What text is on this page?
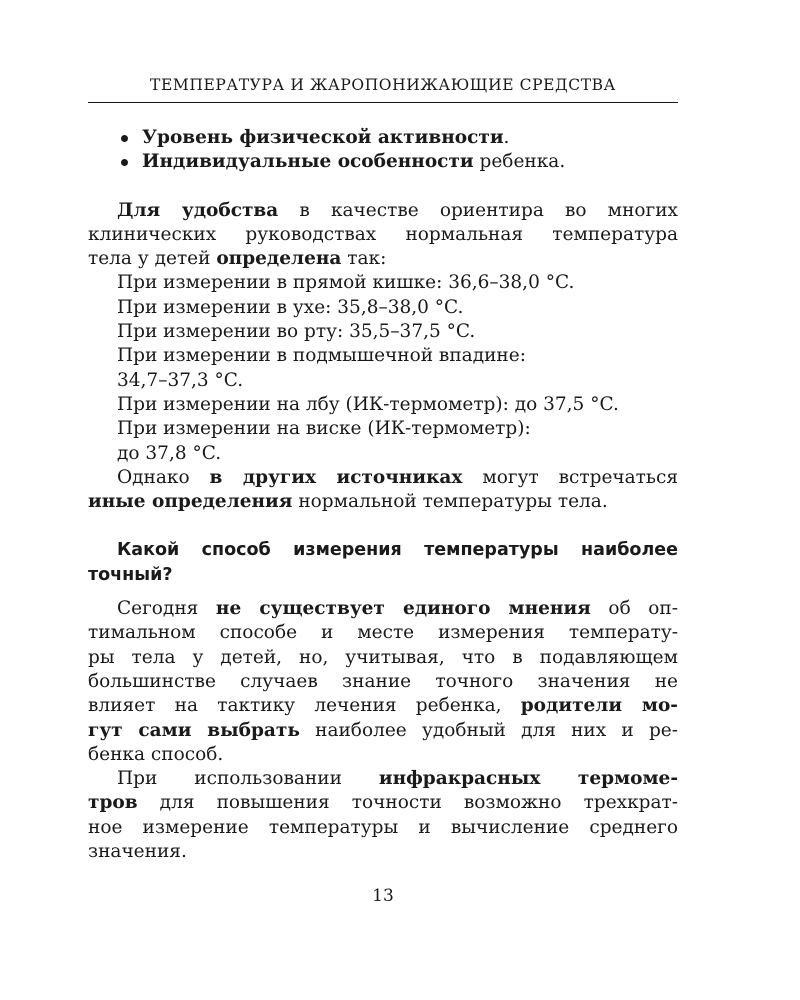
ТЕМПЕРАТУРА И ЖАРОПОНИЖАЮЩИЕ СРЕДСТВА
Уровень физической активности.
Индивидуальные особенности ребенка.
Для удобства в качестве ориентира во многих
клинических руководствах нормальная температура
тела у детей определена так:
При измерении в прямой кишке: 36,6–38,0 °C.
При измерении в ухе: 35,8–38,0 °C.
При измерении во рту: 35,5–37,5 °C.
При измерении в подмышечной впадине:
34,7–37,3 °C.
При измерении на лбу (ИК-термометр): до 37,5 °C.
При измерении на виске (ИК-термометр):
до 37,8 °C.
Однако в других источниках могут встречаться
иные определения нормальной температуры тела.
Какой способ измерения температуры наиболее
точный?
Сегодня не существует единого мнения об оп-
тимальном способе и месте измерения температу-
ры тела у детей, но, учитывая, что в подавляющем
большинстве случаев знание точного значения не
влияет на тактику лечения ребенка, родители мо-
гут сами выбрать наиболее удобный для них и ре-
бенка способ.
При использовании инфракрасных термоме-
тров для повышения точности возможно трехкрат-
ное измерение температуры и вычисление среднего
значения.
13
